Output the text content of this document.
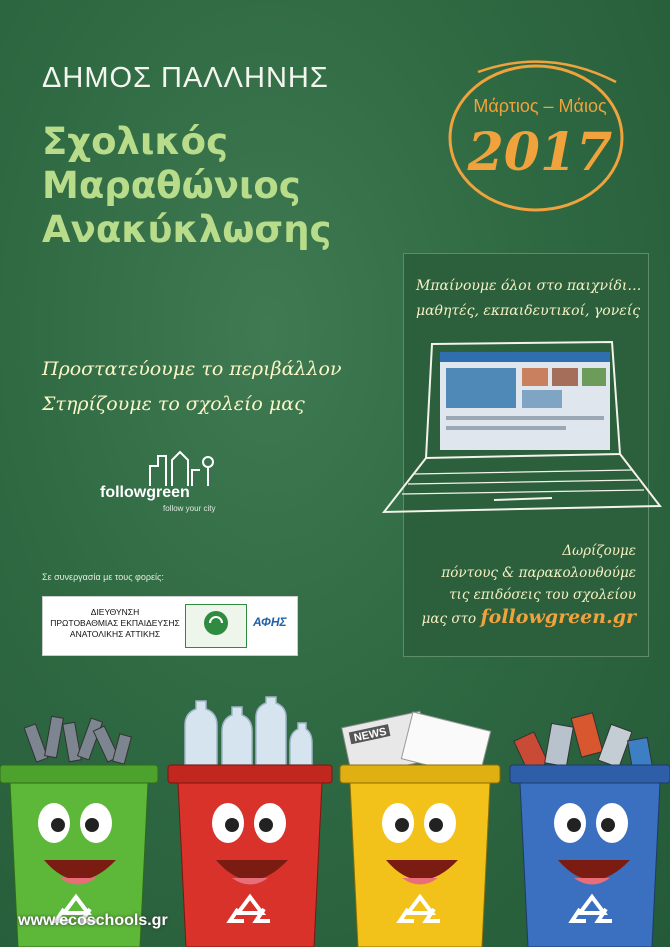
ΔΗΜΟΣ ΠΑΛΛΗΝΗΣ
Σχολικός
Μαραθώνιος
Ανακύκλωσης
Μάρτιος – Μάιος
2017
Προστατεύουμε το περιβάλλον
Στηρίζουμε το σχολείο μας
followgreen
follow your city
Σε συνεργασία με τους φορείς:
ΔΙΕΥΘΥΝΣΗ
ΠΡΩΤΟΒΑΘΜΙΑΣ ΕΚΠΑΙΔΕΥΣΗΣ
ΑΝΑΤΟΛΙΚΗΣ ΑΤΤΙΚΗΣ
ΑΦΗΣ
Μπαίνουμε όλοι στο παιχνίδι…
μαθητές, εκπαιδευτικοί, γονείς
Δωρίζουμε
πόντους & παρακολουθούμε
τις επιδόσεις του σχολείου
μας στο followgreen.gr
NEWS
www.ecoschools.gr
